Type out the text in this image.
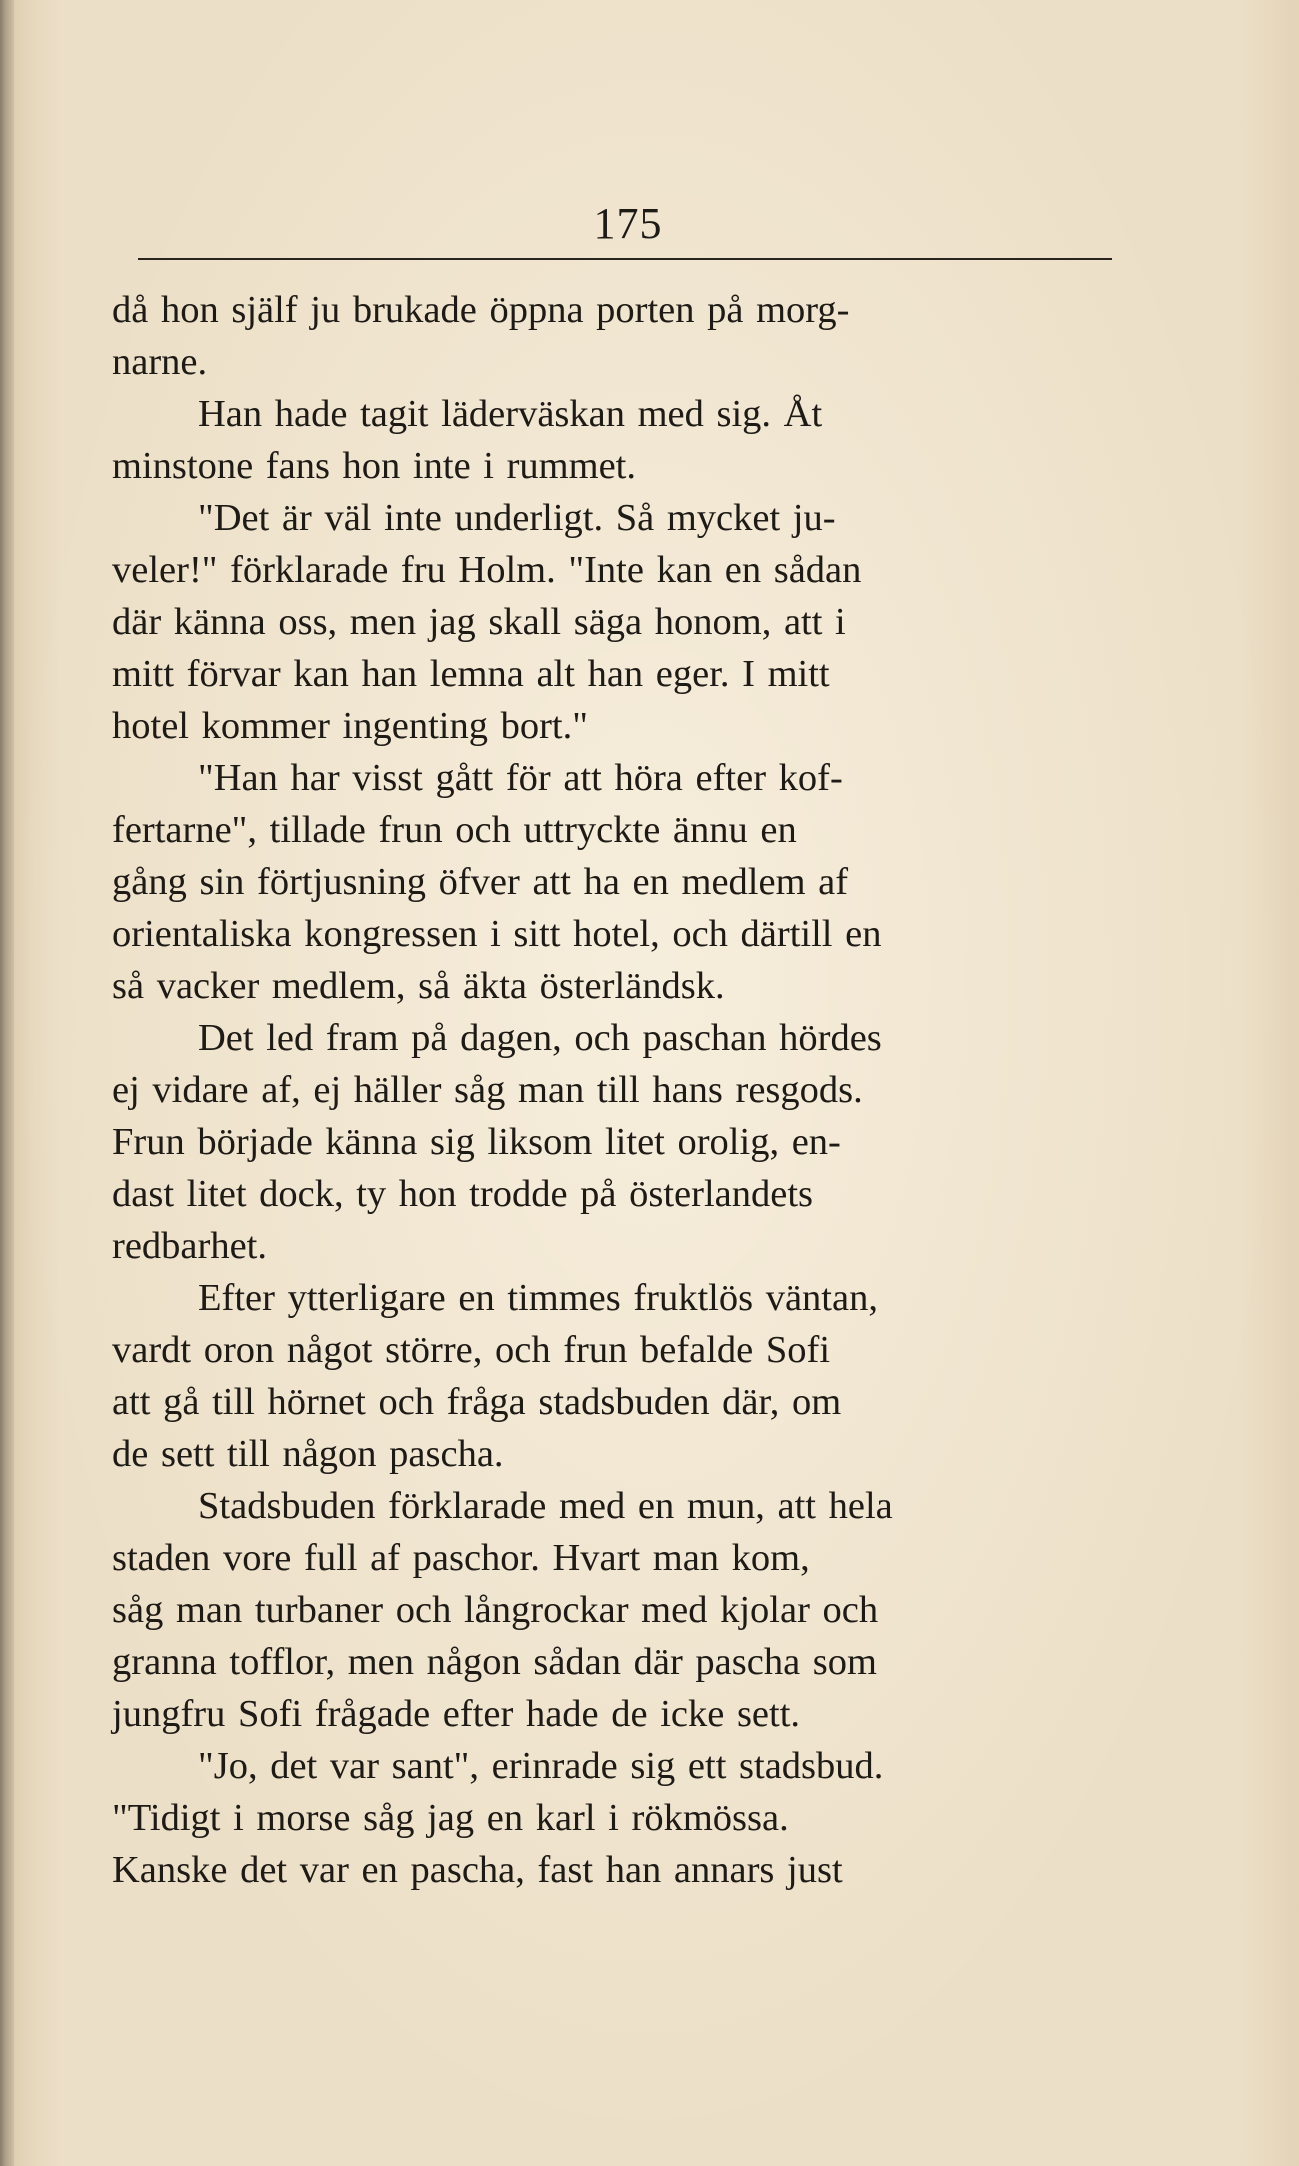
175
då hon själf ju brukade öppna porten på morg-
narne.
Han hade tagit läderväskan med sig. Åt
minstone fans hon inte i rummet.
"Det är väl inte underligt. Så mycket ju-
veler!" förklarade fru Holm. "Inte kan en sådan
där känna oss, men jag skall säga honom, att i
mitt förvar kan han lemna alt han eger. I mitt
hotel kommer ingenting bort."
"Han har visst gått för att höra efter kof-
fertarne", tillade frun och uttryckte ännu en
gång sin förtjusning öfver att ha en medlem af
orientaliska kongressen i sitt hotel, och därtill en
så vacker medlem, så äkta österländsk.
Det led fram på dagen, och paschan hördes
ej vidare af, ej häller såg man till hans resgods.
Frun började känna sig liksom litet orolig, en-
dast litet dock, ty hon trodde på österlandets
redbarhet.
Efter ytterligare en timmes fruktlös väntan,
vardt oron något större, och frun befalde Sofi
att gå till hörnet och fråga stadsbuden där, om
de sett till någon pascha.
Stadsbuden förklarade med en mun, att hela
staden vore full af paschor. Hvart man kom,
såg man turbaner och långrockar med kjolar och
granna tofflor, men någon sådan där pascha som
jungfru Sofi frågade efter hade de icke sett.
"Jo, det var sant", erinrade sig ett stadsbud.
"Tidigt i morse såg jag en karl i rökmössa.
Kanske det var en pascha, fast han annars just
